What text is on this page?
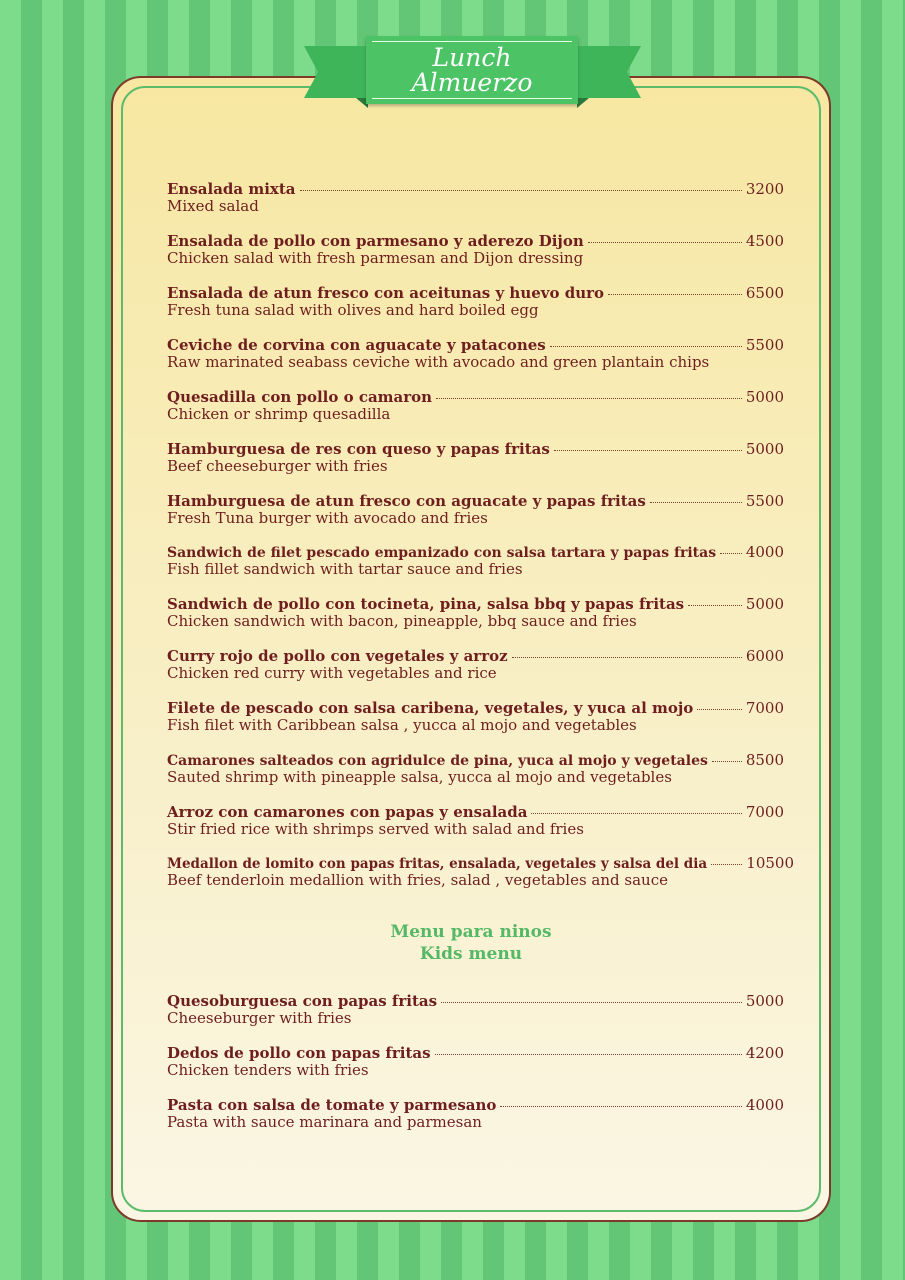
Lunch
Almuerzo
Ensalada mixta	3200
Mixed salad
Ensalada de pollo con parmesano y aderezo Dijon	4500
Chicken salad with fresh parmesan and Dijon dressing
Ensalada de atun fresco con aceitunas y huevo duro	6500
Fresh tuna salad with olives and hard boiled egg
Ceviche de corvina con aguacate y patacones	5500
Raw marinated seabass ceviche with avocado and green plantain chips
Quesadilla con pollo o camaron	5000
Chicken or shrimp quesadilla
Hamburguesa de res con queso y papas fritas	5000
Beef cheeseburger with fries
Hamburguesa de atun fresco con aguacate y papas fritas	5500
Fresh Tuna burger with avocado and fries
Sandwich de filet pescado empanizado con salsa tartara y papas fritas 4000
Fish fillet sandwich with tartar sauce and fries
Sandwich de pollo con tocineta, pina, salsa bbq y papas fritas	5000
Chicken sandwich with bacon, pineapple, bbq sauce and fries
Curry rojo de pollo con vegetales y arroz	6000
Chicken red curry with vegetables and rice
Filete de pescado con salsa caribena, vegetales, y yuca al mojo	7000
Fish filet with Caribbean salsa , yucca al mojo and vegetables
Camarones salteados con agridulce de pina, yuca al mojo y vegetales	8500
Sauted shrimp with pineapple salsa, yucca al mojo and vegetables
Arroz con camarones con papas y ensalada	7000
Stir fried rice with shrimps served with salad and fries
Medallon de lomito con papas fritas, ensalada, vegetales y salsa del dia	10500
Beef tenderloin medallion with fries, salad , vegetables and sauce
Menu para ninos
Kids menu
Quesoburguesa con papas fritas	5000
Cheeseburger with fries
Dedos de pollo con papas fritas	4200
Chicken tenders with fries
Pasta con salsa de tomate y parmesano	4000
Pasta with sauce marinara and parmesan
